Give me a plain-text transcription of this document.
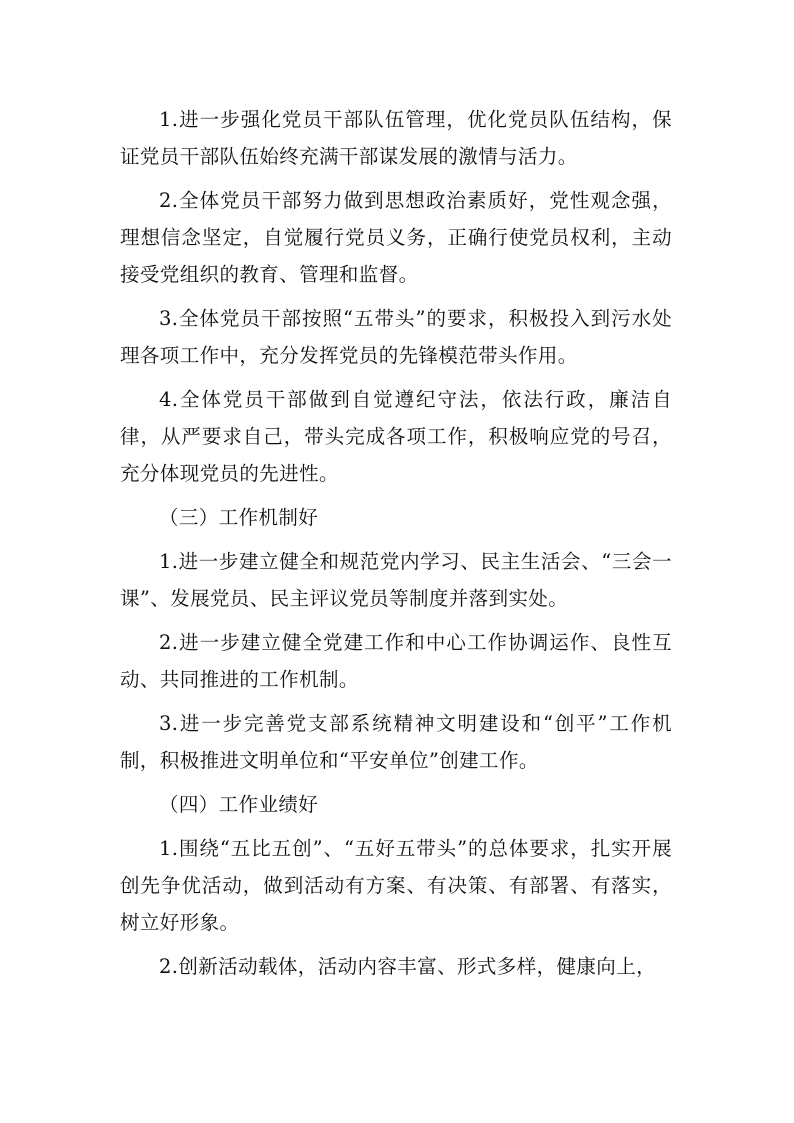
1.进一步强化党员干部队伍管理，优化党员队伍结构，保证党员干部队伍始终充满干部谋发展的激情与活力。

2.全体党员干部努力做到思想政治素质好，党性观念强，理想信念坚定，自觉履行党员义务，正确行使党员权利，主动接受党组织的教育、管理和监督。

3.全体党员干部按照“五带头”的要求，积极投入到污水处理各项工作中，充分发挥党员的先锋模范带头作用。

4.全体党员干部做到自觉遵纪守法，依法行政，廉洁自律，从严要求自己，带头完成各项工作，积极响应党的号召，充分体现党员的先进性。

（三）工作机制好

1.进一步建立健全和规范党内学习、民主生活会、“三会一课”、发展党员、民主评议党员等制度并落到实处。

2.进一步建立健全党建工作和中心工作协调运作、良性互动、共同推进的工作机制。

3.进一步完善党支部系统精神文明建设和“创平”工作机制，积极推进文明单位和“平安单位”创建工作。

（四）工作业绩好

1.围绕“五比五创”、“五好五带头”的总体要求，扎实开展创先争优活动，做到活动有方案、有决策、有部署、有落实，树立好形象。

2.创新活动载体，活动内容丰富、形式多样，健康向上，
